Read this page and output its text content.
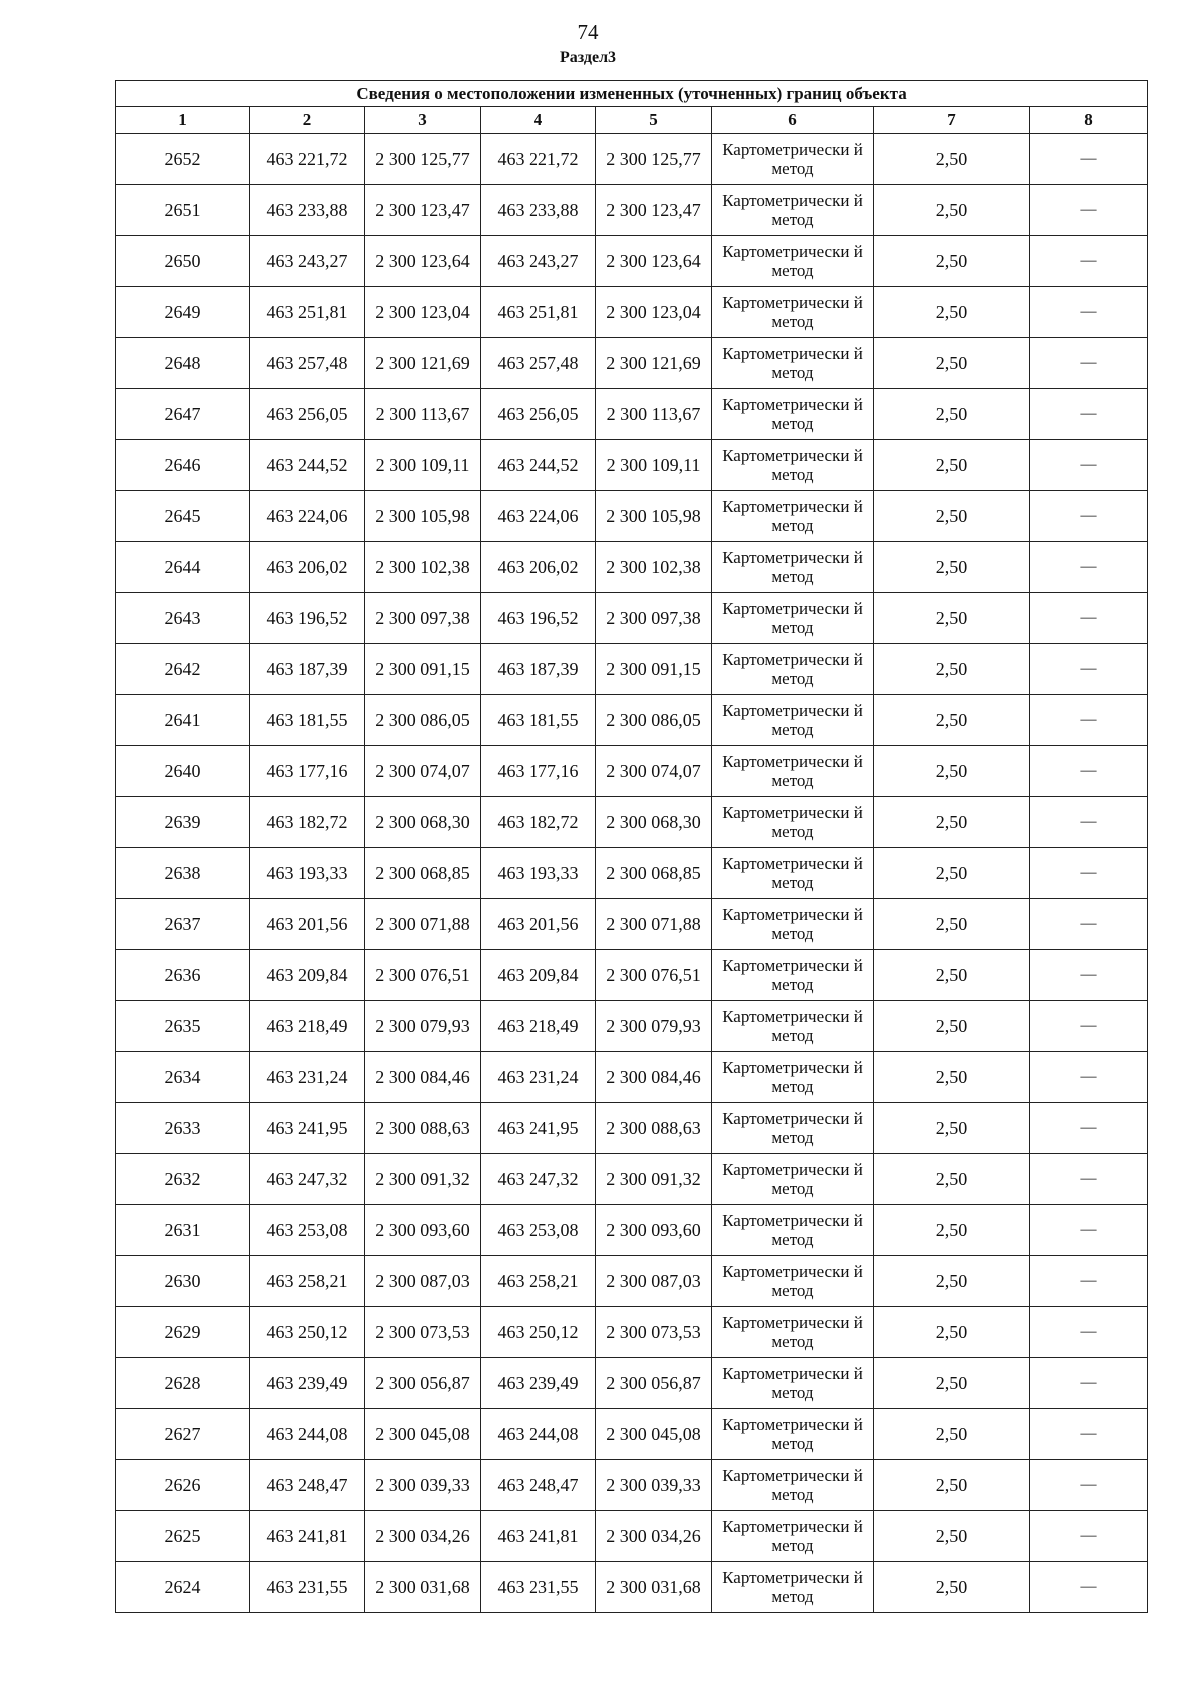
74
Раздел3
Сведения о местоположении измененных (уточненных) границ объекта							
1	2	3	4	5	6	7	8
2652	463 221,72	2 300 125,77	463 221,72	2 300 125,77	Картометрически й метод	2,50	—
2651	463 233,88	2 300 123,47	463 233,88	2 300 123,47	Картометрически й метод	2,50	—
2650	463 243,27	2 300 123,64	463 243,27	2 300 123,64	Картометрически й метод	2,50	—
2649	463 251,81	2 300 123,04	463 251,81	2 300 123,04	Картометрически й метод	2,50	—
2648	463 257,48	2 300 121,69	463 257,48	2 300 121,69	Картометрически й метод	2,50	—
2647	463 256,05	2 300 113,67	463 256,05	2 300 113,67	Картометрически й метод	2,50	—
2646	463 244,52	2 300 109,11	463 244,52	2 300 109,11	Картометрически й метод	2,50	—
2645	463 224,06	2 300 105,98	463 224,06	2 300 105,98	Картометрически й метод	2,50	—
2644	463 206,02	2 300 102,38	463 206,02	2 300 102,38	Картометрически й метод	2,50	—
2643	463 196,52	2 300 097,38	463 196,52	2 300 097,38	Картометрически й метод	2,50	—
2642	463 187,39	2 300 091,15	463 187,39	2 300 091,15	Картометрически й метод	2,50	—
2641	463 181,55	2 300 086,05	463 181,55	2 300 086,05	Картометрически й метод	2,50	—
2640	463 177,16	2 300 074,07	463 177,16	2 300 074,07	Картометрически й метод	2,50	—
2639	463 182,72	2 300 068,30	463 182,72	2 300 068,30	Картометрически й метод	2,50	—
2638	463 193,33	2 300 068,85	463 193,33	2 300 068,85	Картометрически й метод	2,50	—
2637	463 201,56	2 300 071,88	463 201,56	2 300 071,88	Картометрически й метод	2,50	—
2636	463 209,84	2 300 076,51	463 209,84	2 300 076,51	Картометрически й метод	2,50	—
2635	463 218,49	2 300 079,93	463 218,49	2 300 079,93	Картометрически й метод	2,50	—
2634	463 231,24	2 300 084,46	463 231,24	2 300 084,46	Картометрически й метод	2,50	—
2633	463 241,95	2 300 088,63	463 241,95	2 300 088,63	Картометрически й метод	2,50	—
2632	463 247,32	2 300 091,32	463 247,32	2 300 091,32	Картометрически й метод	2,50	—
2631	463 253,08	2 300 093,60	463 253,08	2 300 093,60	Картометрически й метод	2,50	—
2630	463 258,21	2 300 087,03	463 258,21	2 300 087,03	Картометрически й метод	2,50	—
2629	463 250,12	2 300 073,53	463 250,12	2 300 073,53	Картометрически й метод	2,50	—
2628	463 239,49	2 300 056,87	463 239,49	2 300 056,87	Картометрически й метод	2,50	—
2627	463 244,08	2 300 045,08	463 244,08	2 300 045,08	Картометрически й метод	2,50	—
2626	463 248,47	2 300 039,33	463 248,47	2 300 039,33	Картометрически й метод	2,50	—
2625	463 241,81	2 300 034,26	463 241,81	2 300 034,26	Картометрически й метод	2,50	—
2624	463 231,55	2 300 031,68	463 231,55	2 300 031,68	Картометрически й метод	2,50	—
